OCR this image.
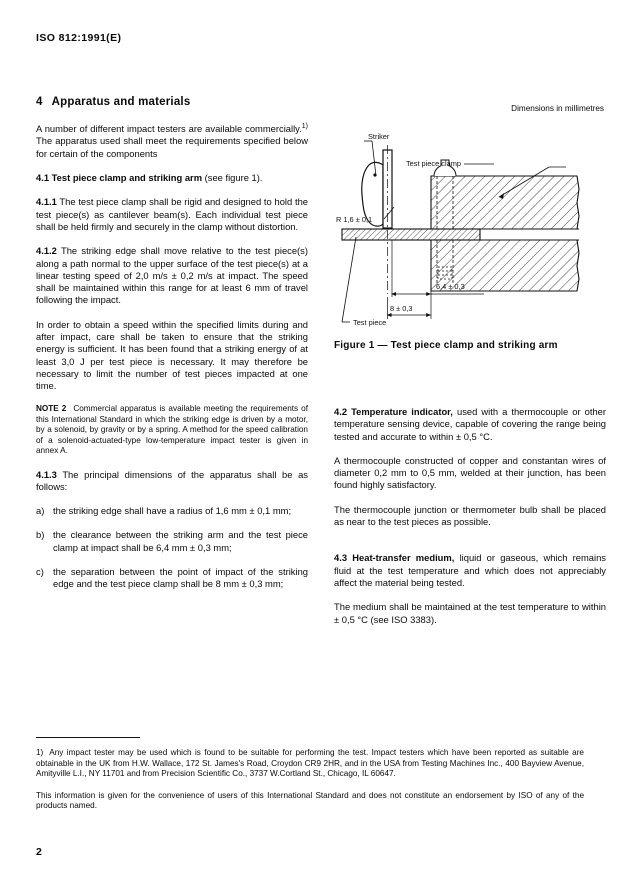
ISO 812:1991(E)
4 Apparatus and materials

A number of different impact testers are available commercially.$^{1)}$ The apparatus used shall meet the requirements specified below for certain of the components

4.1 Test piece clamp and striking arm (see figure 1).

4.1.1 The test piece clamp shall be rigid and designed to hold the test piece(s) as cantilever beam(s). Each individual test piece shall be held firmly and securely in the clamp without distortion.

4.1.2 The striking edge shall move relative to the test piece(s) along a path normal to the upper surface of the test piece(s) at a linear testing speed of 2,0 m/s ± 0,2 m/s at impact. The speed shall be maintained within this range for at least 6 mm of travel following the impact.

In order to obtain a speed within the specified limits during and after impact, care shall be taken to ensure that the striking energy is sufficient. It has been found that a striking energy of at least 3,0 J per test piece is necessary. It may therefore be necessary to limit the number of test pieces impacted at one time.

NOTE 2 Commercial apparatus is available meeting the requirements of this International Standard in which the striking edge is driven by a motor, by a solenoid, by gravity or by a spring. A method for the speed calibration of a solenoid-actuated-type low-temperature impact tester is given in annex A.

4.1.3 The principal dimensions of the apparatus shall be as follows:

a) the striking edge shall have a radius of 1,6 mm ± 0,1 mm;
b) the clearance between the striking arm and the test piece clamp at impact shall be 6,4 mm ± 0,3 mm;
c) the separation between the point of impact of the striking edge and the test piece clamp shall be 8 mm ± 0,3 mm;
Dimensions in millimetres
Striker
Test piece clamp
R 1,6 ± 0,1
6,4 ± 0,3
8 ± 0,3
Test piece
Figure 1 — Test piece clamp and striking arm

4.2 Temperature indicator, used with a thermocouple or other temperature sensing device, capable of covering the range being tested and accurate to within ± 0,5 °C.

A thermocouple constructed of copper and constantan wires of diameter 0,2 mm to 0,5 mm, welded at their junction, has been found highly satisfactory.

The thermocouple junction or thermometer bulb shall be placed as near to the test pieces as possible.

4.3 Heat-transfer medium, liquid or gaseous, which remains fluid at the test temperature and which does not appreciably affect the material being tested.

The medium shall be maintained at the test temperature to within ± 0,5 °C (see ISO 3383).

1) Any impact tester may be used which is found to be suitable for performing the test. Impact testers which have been reported as suitable are obtainable in the UK from H.W. Wallace, 172 St. James's Road, Croydon CR9 2HR, and in the USA from Testing Machines Inc., 400 Bayview Avenue, Amityville L.I., NY 11701 and from Precision Scientific Co., 3737 W.Cortland St., Chicago, IL 60647.

This information is given for the convenience of users of this International Standard and does not constitute an endorsement by ISO of any of the products named.

2
